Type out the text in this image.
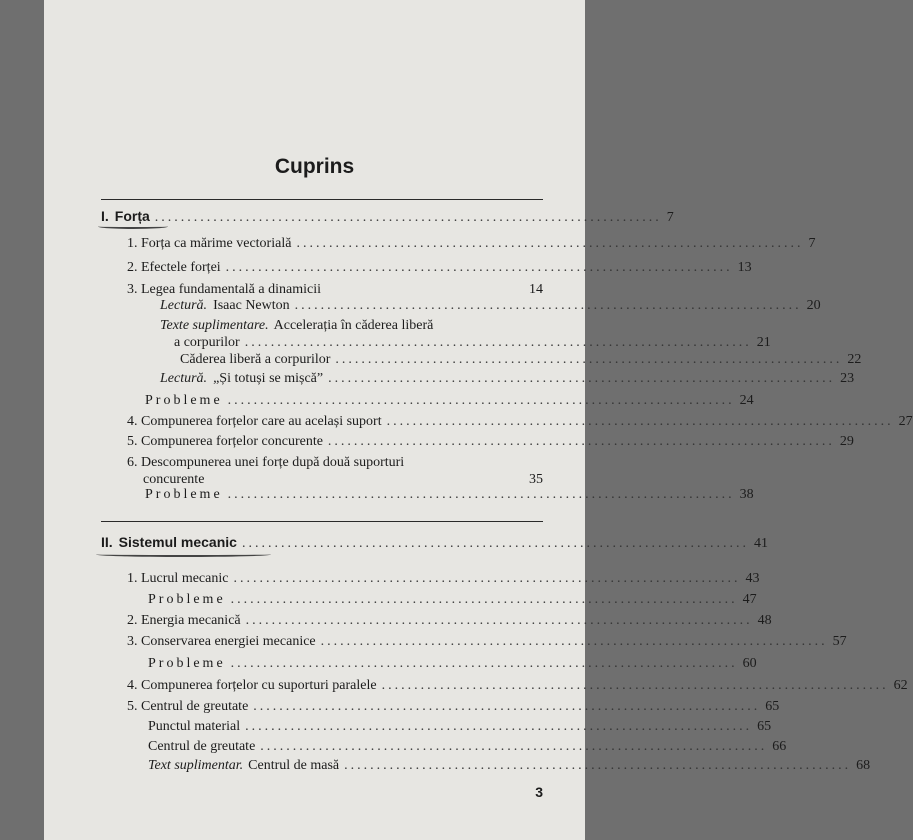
Cuprins
I. Forța .............................................................................. 7
1. Forța ca mărime vectorială .............................................................................. 7
2. Efectele forței .............................................................................. 13
3. Legea fundamentală a dinamicii	14
Lectură. Isaac Newton .............................................................................. 20
Texte suplimentare. Accelerația în căderea liberă
a corpurilor .............................................................................. 21
Căderea liberă a corpurilor .............................................................................. 22
Lectură. „Și totuși se mișcă” .............................................................................. 23
Probleme .............................................................................. 24
4. Compunerea forțelor care au același suport .............................................................................. 27
5. Compunerea forțelor concurente .............................................................................. 29
6. Descompunerea unei forțe după două suporturi
concurente	35
Probleme .............................................................................. 38
II. Sistemul mecanic .............................................................................. 41
1. Lucrul mecanic .............................................................................. 43
Probleme .............................................................................. 47
2. Energia mecanică .............................................................................. 48
3. Conservarea energiei mecanice .............................................................................. 57
Probleme .............................................................................. 60
4. Compunerea forțelor cu suporturi paralele .............................................................................. 62
5. Centrul de greutate .............................................................................. 65
Punctul material .............................................................................. 65
Centrul de greutate .............................................................................. 66
Text suplimentar. Centrul de masă .............................................................................. 68
3
